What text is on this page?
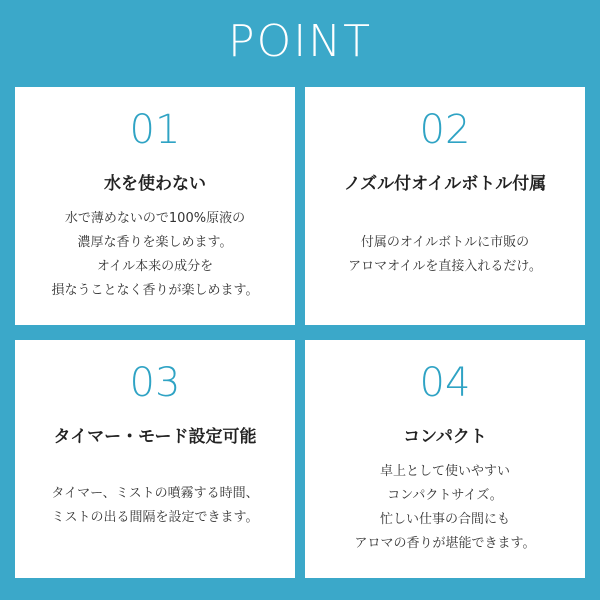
POINT
01
水を使わない
水で薄めないので100%原液の
濃厚な香りを楽しめます。
オイル本来の成分を
損なうことなく香りが楽しめます。
02
ノズル付オイルボトル付属
付属のオイルボトルに市販の
アロマオイルを直接入れるだけ。
03
タイマー・モード設定可能
タイマー、ミストの噴霧する時間、
ミストの出る間隔を設定できます。
04
コンパクト
卓上として使いやすい
コンパクトサイズ。
忙しい仕事の合間にも
アロマの香りが堪能できます。
